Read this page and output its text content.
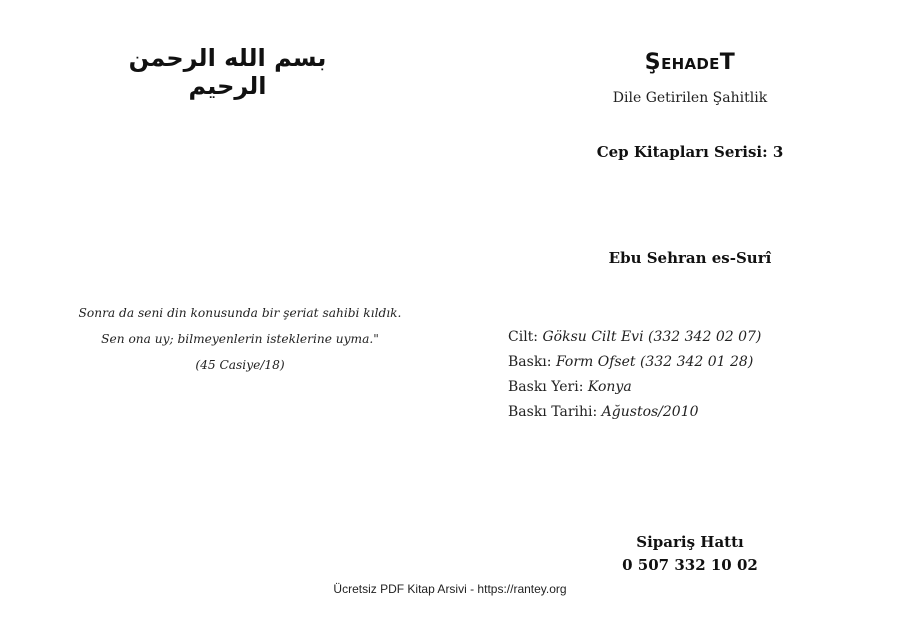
بسم الله الرحمن الرحيم
Sonra da seni din konusunda bir şeriat sahibi kıldık.
Sen ona uy; bilmeyenlerin isteklerine uyma."
(45 Casiye/18)
ŞEHADET
Dile Getirilen Şahitlik
Cep Kitapları Serisi: 3
Ebu Sehran es-Surî
Cilt: Göksu Cilt Evi (332 342 02 07)
Baskı: Form Ofset (332 342 01 28)
Baskı Yeri: Konya
Baskı Tarihi: Ağustos/2010
Sipariş Hattı
0 507 332 10 02
Ücretsiz PDF Kitap Arsivi - https://rantey.org
